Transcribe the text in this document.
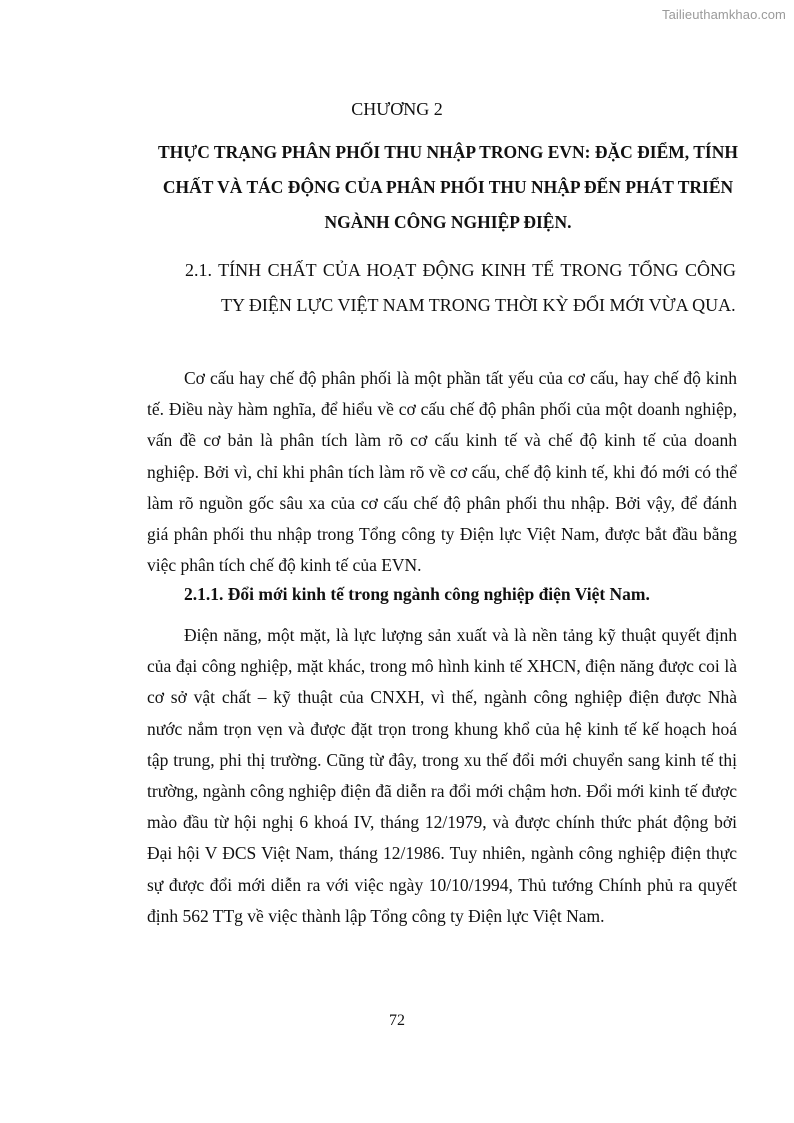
Tailieuthamkhao.com
CHƯƠNG 2
THỰC TRẠNG PHÂN PHỐI THU NHẬP TRONG EVN: ĐẶC ĐIỂM, TÍNH CHẤT VÀ TÁC ĐỘNG CỦA PHÂN PHỐI THU NHẬP ĐẾN PHÁT TRIỂN NGÀNH CÔNG NGHIỆP ĐIỆN.
2.1. TÍNH CHẤT CỦA HOẠT ĐỘNG KINH TẾ TRONG TỔNG CÔNG TY ĐIỆN LỰC VIỆT NAM TRONG THỜI KỲ ĐỔI MỚI VỪA QUA.

Cơ cấu hay chế độ phân phối là một phần tất yếu của cơ cấu, hay chế độ kinh tế. Điều này hàm nghĩa, để hiểu về cơ cấu chế độ phân phối của một doanh nghiệp, vấn đề cơ bản là phân tích làm rõ cơ cấu kinh tế và chế độ kinh tế của doanh nghiệp. Bởi vì, chỉ khi phân tích làm rõ về cơ cấu, chế độ kinh tế, khi đó mới có thể làm rõ nguồn gốc sâu xa của cơ cấu chế độ phân phối thu nhập. Bởi vậy, để đánh giá phân phối thu nhập trong Tổng công ty Điện lực Việt Nam, được bắt đầu bằng việc phân tích chế độ kinh tế của EVN.

2.1.1. Đổi mới kinh tế trong ngành công nghiệp điện Việt Nam.

Điện năng, một mặt, là lực lượng sản xuất và là nền tảng kỹ thuật quyết định của đại công nghiệp, mặt khác, trong mô hình kinh tế XHCN, điện năng được coi là cơ sở vật chất – kỹ thuật của CNXH, vì thế, ngành công nghiệp điện được Nhà nước nắm trọn vẹn và được đặt trọn trong khung khổ của hệ kinh tế kế hoạch hoá tập trung, phi thị trường. Cũng từ đây, trong xu thế đổi mới chuyển sang kinh tế thị trường, ngành công nghiệp điện đã diễn ra đổi mới chậm hơn. Đổi mới kinh tế được mào đầu từ hội nghị 6 khoá IV, tháng 12/1979, và được chính thức phát động bởi Đại hội V ĐCS Việt Nam, tháng 12/1986. Tuy nhiên, ngành công nghiệp điện thực sự được đổi mới diễn ra với việc ngày 10/10/1994, Thủ tướng Chính phủ ra quyết định 562 TTg về việc thành lập Tổng công ty Điện lực Việt Nam.

72
